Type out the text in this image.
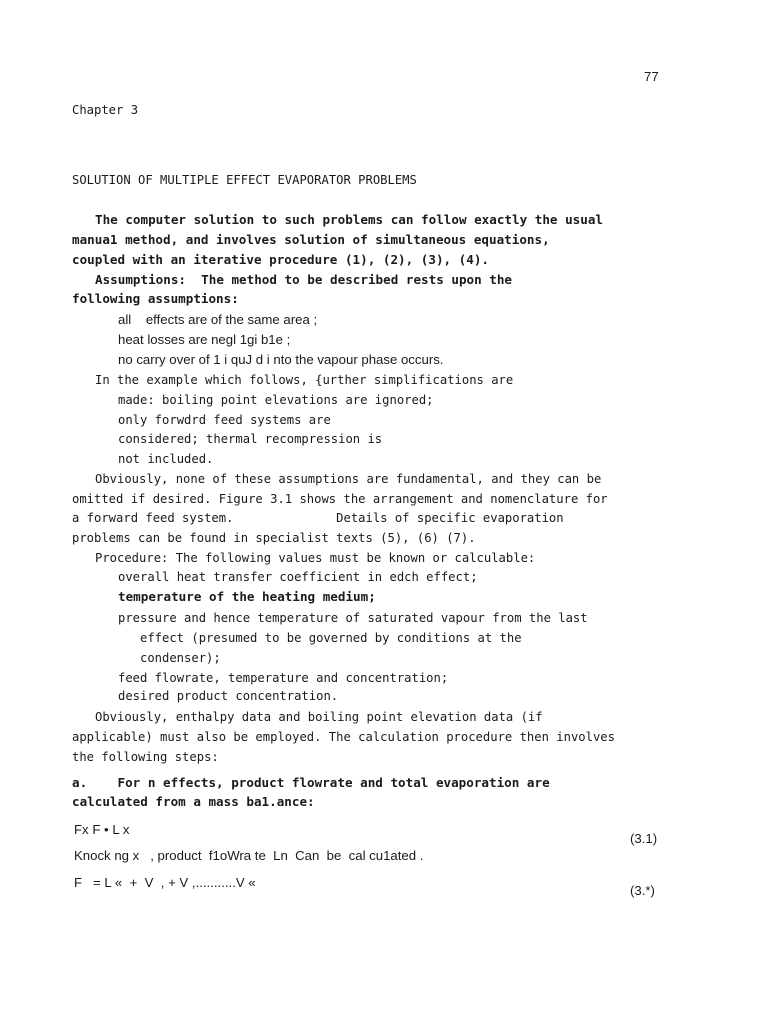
77
Chapter 3
SOLUTION OF MULTIPLE EFFECT EVAPORATOR PROBLEMS
The computer solution to such problems can follow exactly the usual
manua1 method, and involves solution of simultaneous equations,
coupled with an iterative procedure (1), (2), (3), (4).
Assumptions:  The method to be described rests upon the
following assumptions:
all    effects are of the same area ;
heat losses are negl 1gi b1e ;
no carry over of 1 i quJ d i nto the vapour phase occurs.
In the example which follows, {urther simplifications are
made: boiling point elevations are ignored;
only forwdrd feed systems are
considered; thermal recompression is
not included.
Obviously, none of these assumptions are fundamental, and they can be
omitted if desired. Figure 3.1 shows the arrangement and nomenclature for
a forward feed system.              Details of specific evaporation
problems can be found in specialist texts (5), (6) (7).
Procedure: The following values must be known or calculable:
overall heat transfer coefficient in edch effect;
temperature of the heating medium;
pressure and hence temperature of saturated vapour from the last
effect (presumed to be governed by conditions at the
condenser);
feed flowrate, temperature and concentration;
desired product concentration.
Obviously, enthalpy data and boiling point elevation data (if
applicable) must also be employed. The calculation procedure then involves
the following steps:
a.    For n effects, product flowrate and total evaporation are
calculated from a mass ba1.ance:
Fx F • L x
(3.1)
Knock ng x   , product  f1oWra te  Ln  Can  be  cal cu1ated .
F   = L «  +  V  , + V ,...........V «
(3.*)
